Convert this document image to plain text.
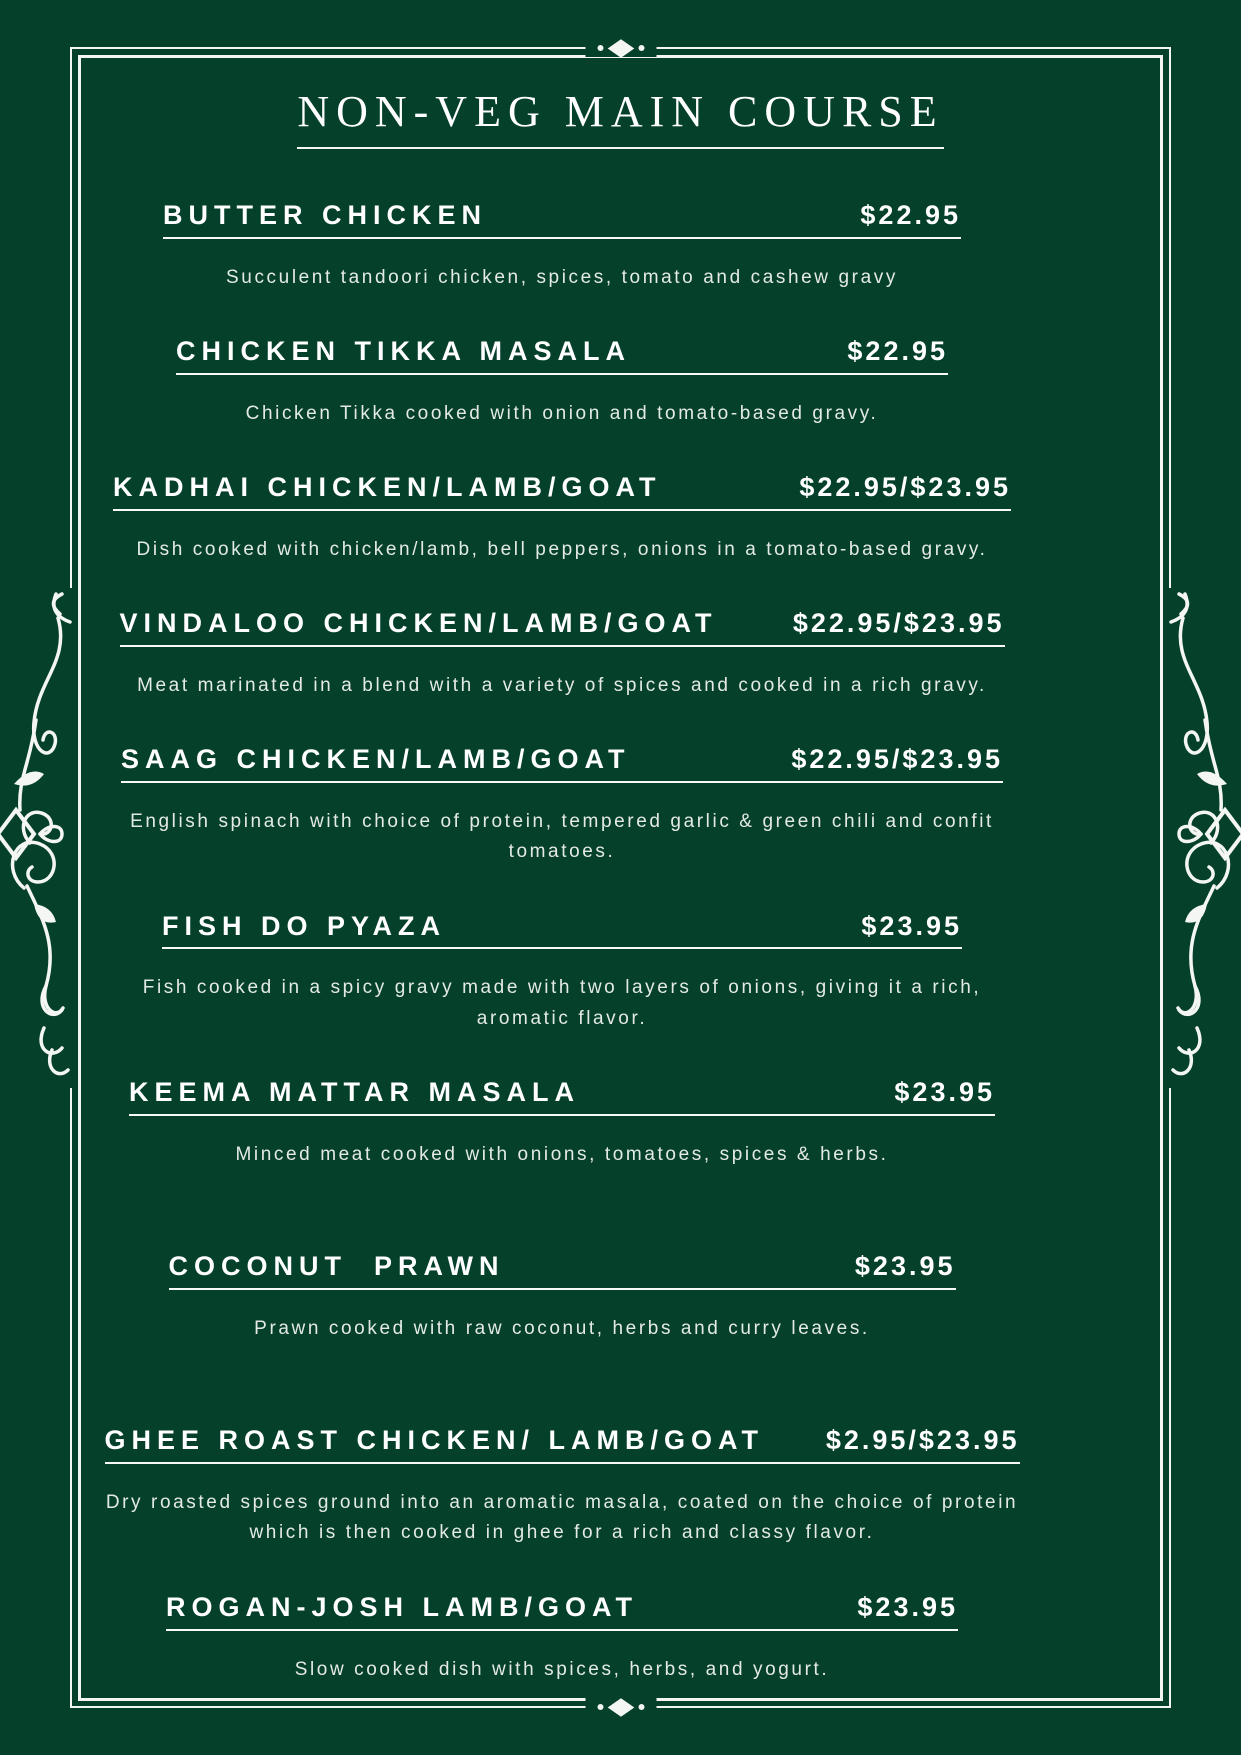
NON-VEG MAIN COURSE
BUTTER CHICKEN	$22.95

Succulent tandoori chicken, spices, tomato and cashew gravy

CHICKEN TIKKA MASALA	$22.95

Chicken Tikka cooked with onion and tomato-based gravy.

KADHAI CHICKEN/LAMB/GOAT	$22.95/$23.95

Dish cooked with chicken/lamb, bell peppers, onions in a tomato-based gravy.

VINDALOO CHICKEN/LAMB/GOAT	$22.95/$23.95

Meat marinated in a blend with a variety of spices and cooked in a rich gravy.

SAAG CHICKEN/LAMB/GOAT	$22.95/$23.95

English spinach with choice of protein, tempered garlic & green chili and confit tomatoes.

FISH DO PYAZA	$23.95

Fish cooked in a spicy gravy made with two layers of onions, giving it a rich, aromatic flavor.

KEEMA MATTAR MASALA	$23.95

Minced meat cooked with onions, tomatoes, spices & herbs.

COCONUT  PRAWN	$23.95

Prawn cooked with raw coconut, herbs and curry leaves.

GHEE ROAST CHICKEN/ LAMB/GOAT $2.95/$23.95

Dry roasted spices ground into an aromatic masala, coated on the choice of protein which is then cooked in ghee for a rich and classy flavor.

ROGAN-JOSH LAMB/GOAT	$23.95

Slow cooked dish with spices, herbs, and yogurt.
